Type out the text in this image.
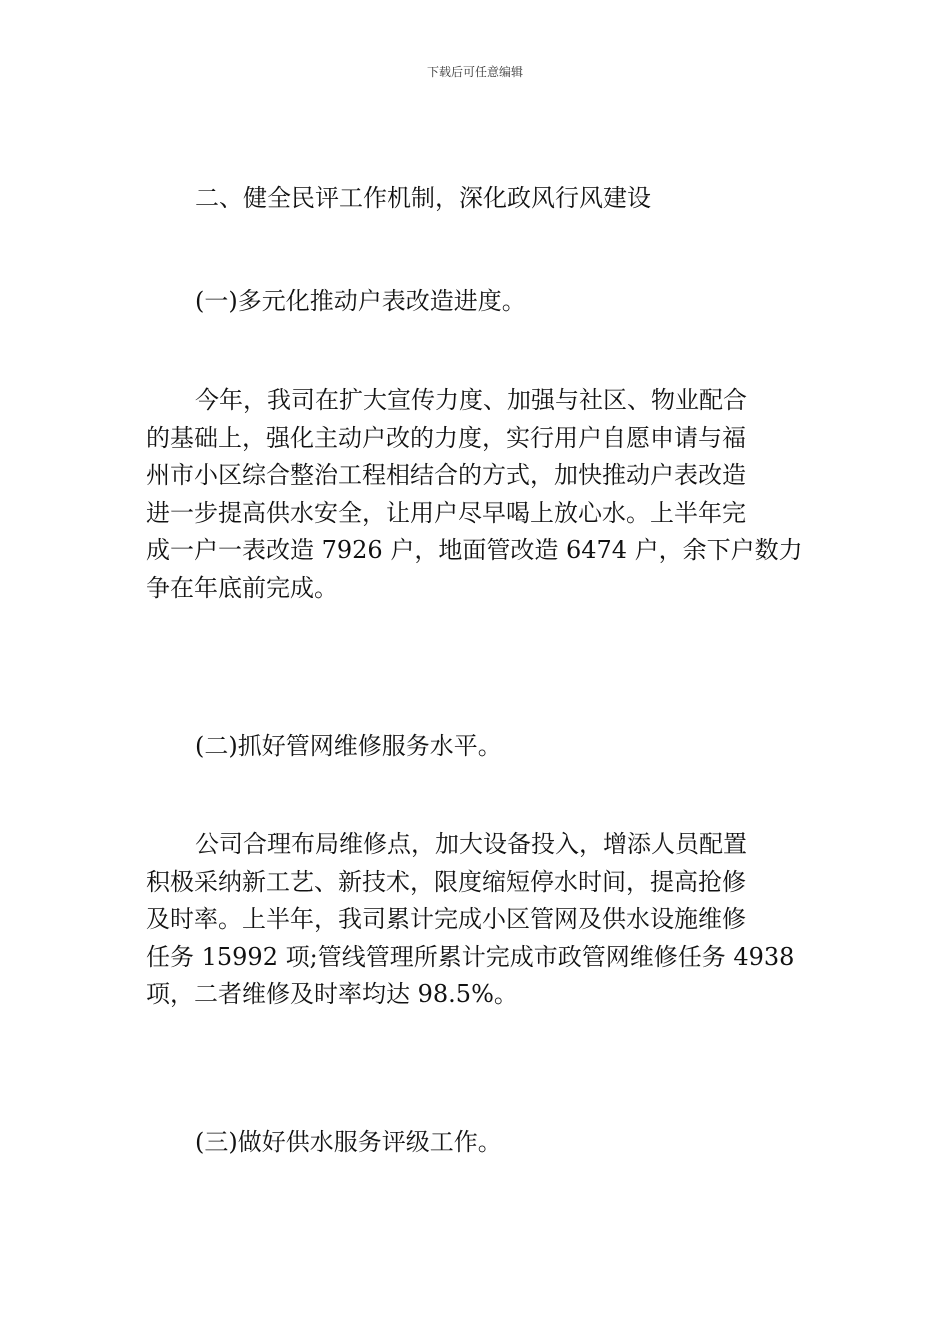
下载后可任意编辑
二、健全民评工作机制，深化政风行风建设
(一)多元化推动户表改造进度。
今年，我司在扩大宣传力度、加强与社区、物业配合
的基础上，强化主动户改的力度，实行用户自愿申请与福
州市小区综合整治工程相结合的方式，加快推动户表改造
进一步提高供水安全，让用户尽早喝上放心水。上半年完
成一户一表改造 7926 户，地面管改造 6474 户，余下户数力
争在年底前完成。
(二)抓好管网维修服务水平。
公司合理布局维修点，加大设备投入，增添人员配置
积极采纳新工艺、新技术，限度缩短停水时间，提高抢修
及时率。上半年，我司累计完成小区管网及供水设施维修
任务 15992 项;管线管理所累计完成市政管网维修任务 4938
项，二者维修及时率均达 98.5%。
(三)做好供水服务评级工作。
